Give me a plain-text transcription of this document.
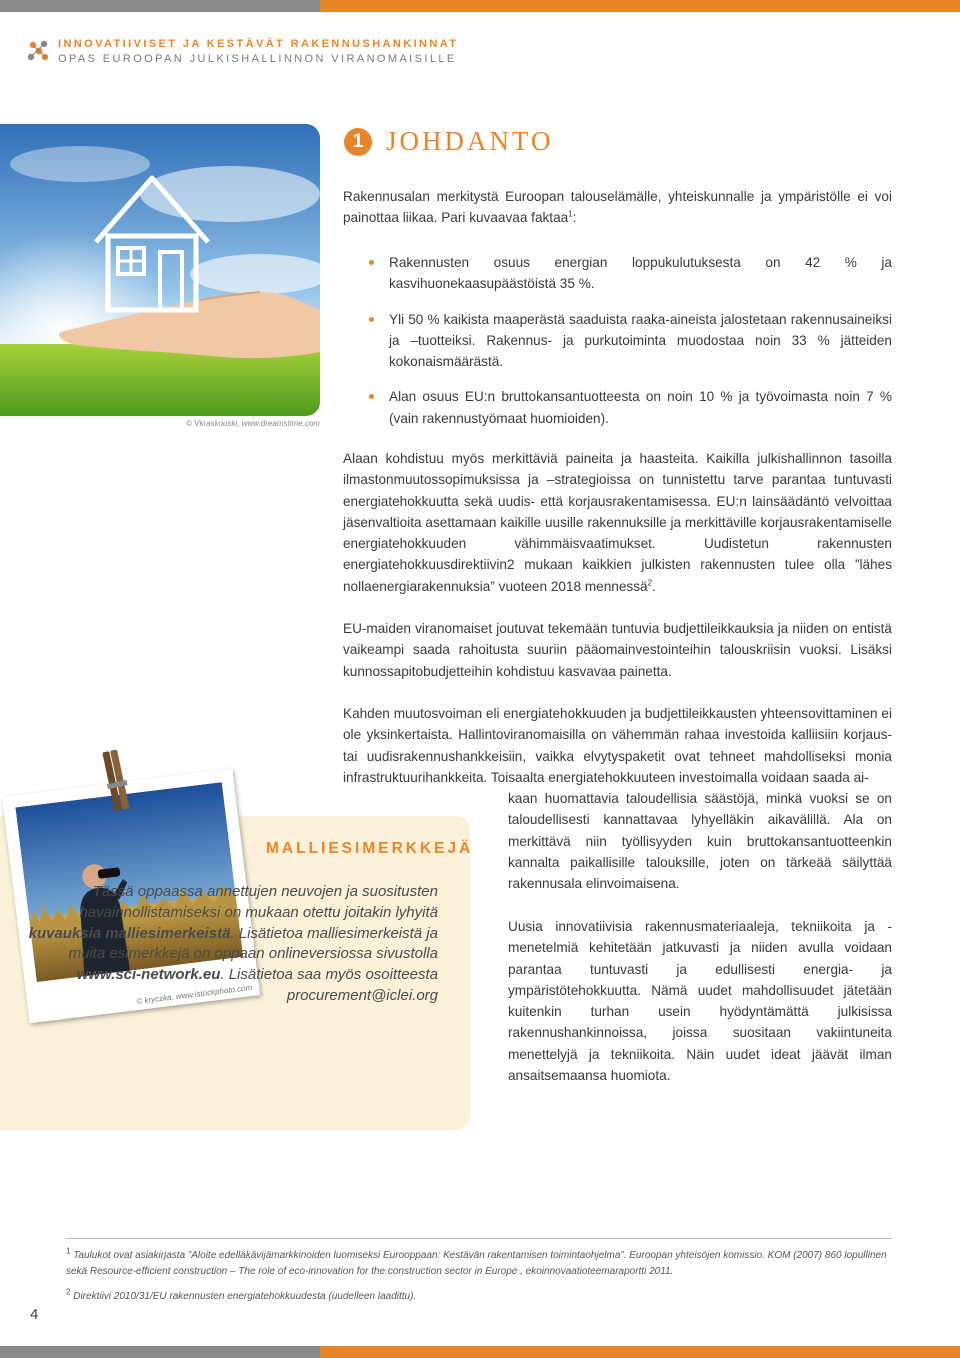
INNOVATIIVISET JA KESTÄVÄT RAKENNUSHANKINNAT
OPAS EUROOPAN JULKISHALLINNON VIRANOMAISILLE
© Vkraskouski, www.dreamstime.com
1 JOHDANTO
Rakennusalan merkitystä Euroopan talouselämälle, yhteiskunnalle ja ympäristölle ei voi painottaa liikaa. Pari kuvaavaa faktaa$^1$:
Rakennusten osuus energian loppukulutuksesta on 42 % ja kasvihuonekaasupäästöistä 35 %.
Yli 50 % kaikista maaperästä saaduista raaka-aineista jalostetaan rakennusaineiksi ja –tuotteiksi. Rakennus- ja purkutoiminta muodostaa noin 33 % jätteiden kokonaismäärästä.
Alan osuus EU:n bruttokansantuotteesta on noin 10 % ja työvoimasta noin 7 % (vain rakennustyömaat huomioiden).
Alaan kohdistuu myös merkittäviä paineita ja haasteita. Kaikilla julkishallinnon tasoilla ilmastonmuutossopimuksissa ja –strategioissa on tunnistettu tarve parantaa tuntuvasti energiatehokkuutta sekä uudis- että korjausrakentamisessa. EU:n lainsäädäntö velvoittaa jäsenvaltioita asettamaan kaikille uusille rakennuksille ja merkittäville korjausrakentamiselle energiatehokkuuden vähimmäisvaatimukset. Uudistetun rakennusten energiatehokkuusdirektiivin2 mukaan kaikkien julkisten rakennusten tulee olla ”lähes nollaenergiarakennuksia” vuoteen 2018 mennessä$^2$.
EU-maiden viranomaiset joutuvat tekemään tuntuvia budjettileikkauksia ja niiden on entistä vaikeampi saada rahoitusta suuriin pääomainvestointeihin talouskriisin vuoksi. Lisäksi kunnossapitobudjetteihin kohdistuu kasvavaa painetta.
Kahden muutosvoiman eli energiatehokkuuden ja budjettileikkausten yhteensovittaminen ei ole yksinkertaista. Hallintoviranomaisilla on vähemmän rahaa investoida kalliisiin korjaus- tai uudisrakennushankkeisiin, vaikka elvytyspaketit ovat tehneet mahdolliseksi monia infrastruktuurihankkeita. Toisaalta energiatehokkuuteen investoimalla voidaan saada ai-
kaan huomattavia taloudellisia säästöjä, minkä vuoksi se on taloudellisesti kannattavaa lyhyelläkin aikavälillä. Ala on merkittävä niin työllisyyden kuin bruttokansantuotteenkin kannalta paikallisille talouksille, joten on tärkeää säilyttää rakennusala elinvoimaisena.
Uusia innovatiivisia rakennusmateriaaleja, tekniikoita ja -menetelmiä kehitetään jatkuvasti ja niiden avulla voidaan parantaa tuntuvasti ja edullisesti energia- ja ympäristötehokkuutta. Nämä uudet mahdollisuudet jätetään kuitenkin turhan usein hyödyntämättä julkisissa rakennushankinnoissa, joissa suositaan vakiintuneita menettelyjä ja tekniikoita. Näin uudet ideat jäävät ilman ansaitsemaansa huomiota.
© kryczka, www.istockphoto.com
MALLIESIMERKKEJÄ
Tässä oppaassa annettujen neuvojen ja suositusten havainnollistamiseksi on mukaan otettu joitakin lyhyitä kuvauksia malliesimerkeistä. Lisätietoa malliesimerkeistä ja muita esimerkkejä on oppaan onlineversiossa sivustolla www.sci-network.eu. Lisätietoa saa myös osoitteesta procurement@iclei.org
$^1$ Taulukot ovat asiakirjasta ”Aloite edelläkävijämarkkinoiden luomiseksi Eurooppaan: Kestävän rakentamisen toimintaohjelma”. Euroopan yhteisöjen komissio. KOM (2007) 860 lopullinen sekä Resource-efficient construction – The role of eco-innovation for the construction sector in Europe , ekoinnovaatioteemaraportti 2011.
$^2$ Direktiivi 2010/31/EU rakennusten energiatehokkuudesta (uudelleen laadittu).
4
